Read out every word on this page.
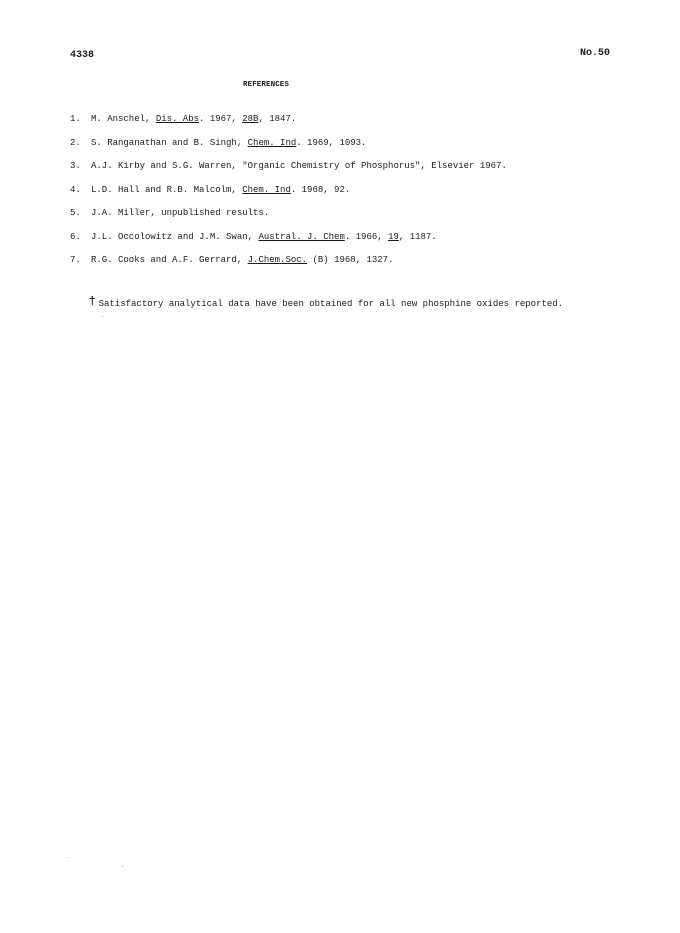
4338	No.50
REFERENCES
1. M. Anschel, Dis. Abs. 1967, 28B, 1847.
2. S. Ranganathan and B. Singh, Chem. Ind. 1969, 1093.
3. A.J. Kirby and S.G. Warren, "Organic Chemistry of Phosphorus", Elsevier 1967.
4. L.D. Hall and R.B. Malcolm, Chem. Ind. 1968, 92.
5. J.A. Miller, unpublished results.
6. J.L. Occolowitz and J.M. Swan, Austral. J. Chem. 1966, 19, 1187.
7. R.G. Cooks and A.F. Gerrard, J.Chem.Soc. (B) 1968, 1327.
† Satisfactory analytical data have been obtained for all new phosphine oxides reported.
